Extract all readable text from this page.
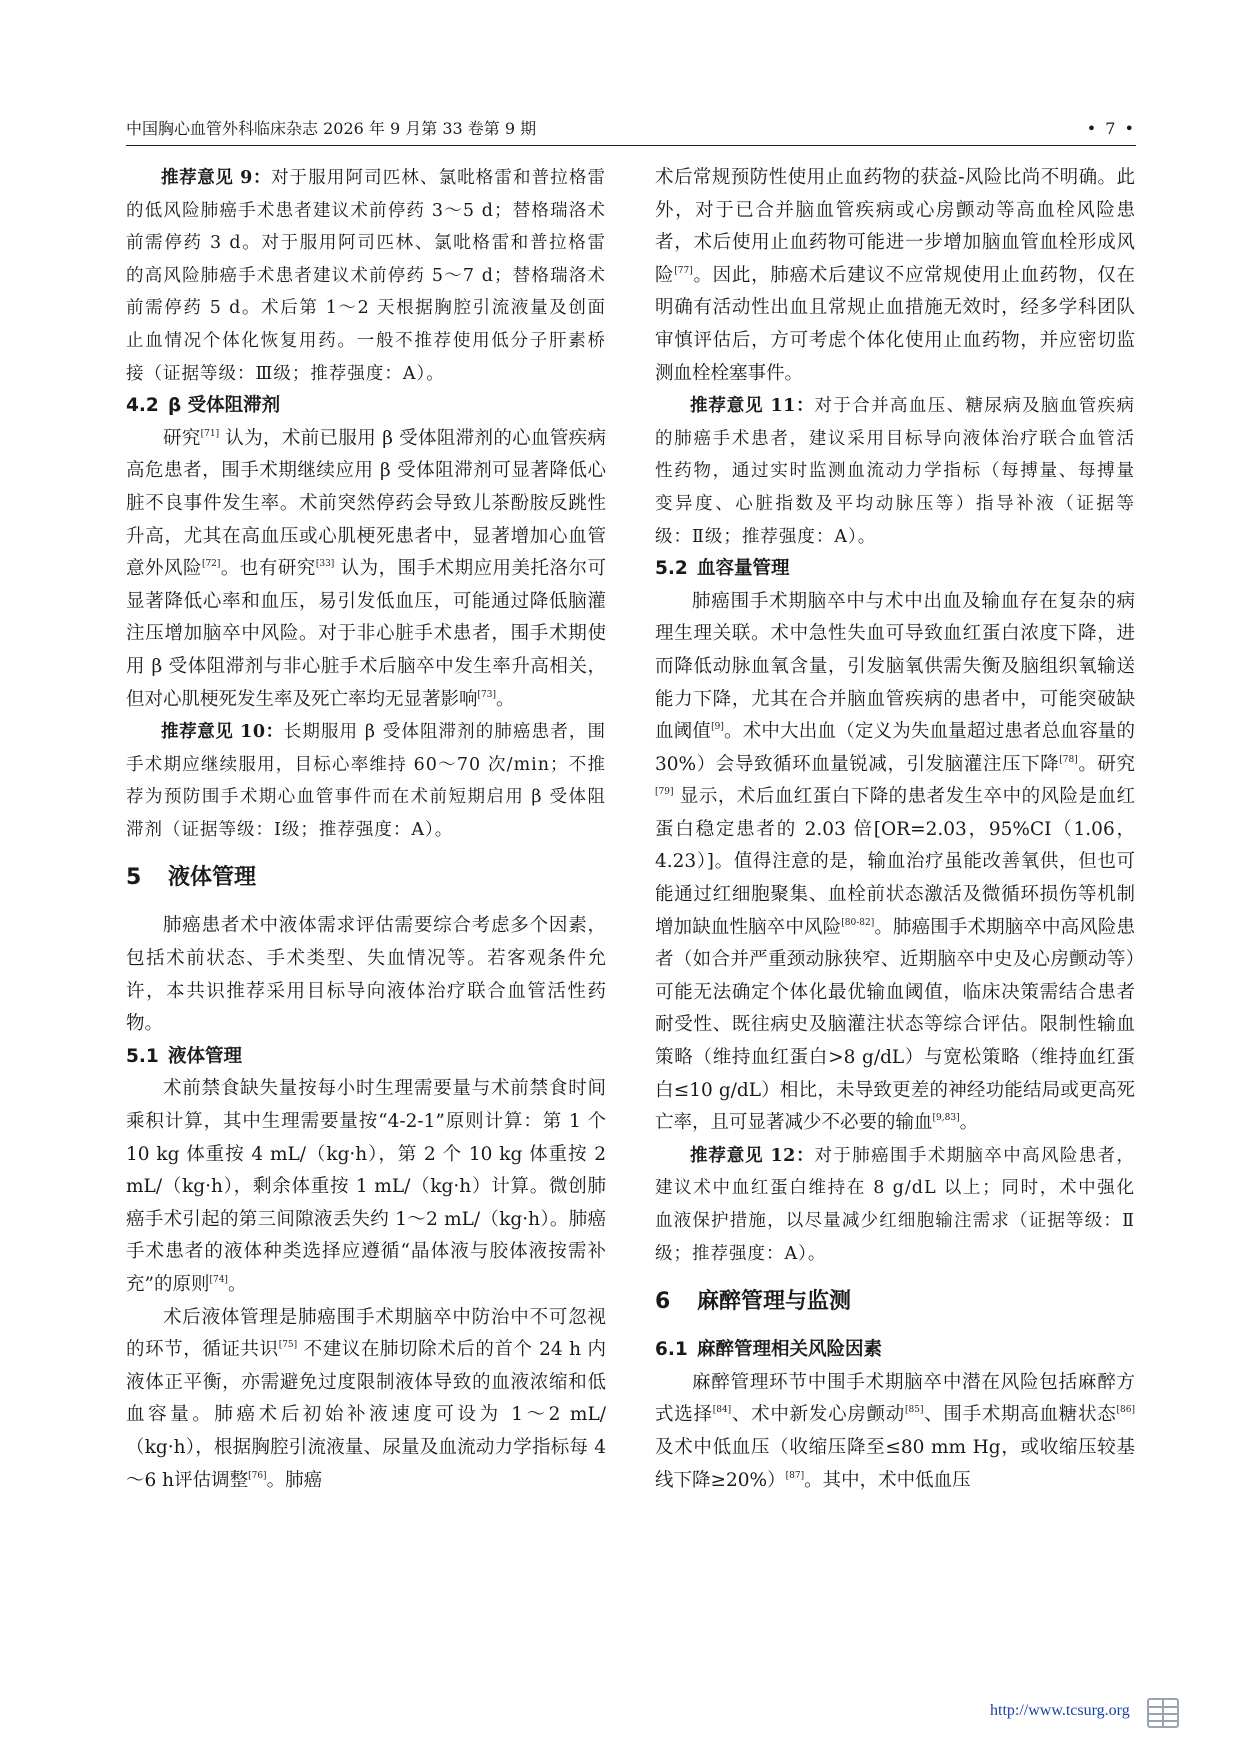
中国胸心血管外科临床杂志 2026 年 9 月第 33 卷第 9 期	• 7 •

推荐意见 9：对于服用阿司匹林、氯吡格雷和普拉格雷的低风险肺癌手术患者建议术前停药 3～5 d；替格瑞洛术前需停药 3 d。对于服用阿司匹林、氯吡格雷和普拉格雷的高风险肺癌手术患者建议术前停药 5～7 d；替格瑞洛术前需停药 5 d。术后第 1～2 天根据胸腔引流液量及创面止血情况个体化恢复用药。一般不推荐使用低分子肝素桥接（证据等级：Ⅲ级；推荐强度：A）。

4.2 β 受体阻滞剂

研究[71] 认为，术前已服用 β 受体阻滞剂的心血管疾病高危患者，围手术期继续应用 β 受体阻滞剂可显著降低心脏不良事件发生率。术前突然停药会导致儿茶酚胺反跳性升高，尤其在高血压或心肌梗死患者中，显著增加心血管意外风险[72]。也有研究[33] 认为，围手术期应用美托洛尔可显著降低心率和血压，易引发低血压，可能通过降低脑灌注压增加脑卒中风险。对于非心脏手术患者，围手术期使用 β 受体阻滞剂与非心脏手术后脑卒中发生率升高相关，但对心肌梗死发生率及死亡率均无显著影响[73]。

推荐意见 10：长期服用 β 受体阻滞剂的肺癌患者，围手术期应继续服用，目标心率维持 60～70 次/min；不推荐为预防围手术期心血管事件而在术前短期启用 β 受体阻滞剂（证据等级：Ⅰ级；推荐强度：A）。

5 液体管理

肺癌患者术中液体需求评估需要综合考虑多个因素，包括术前状态、手术类型、失血情况等。若客观条件允许，本共识推荐采用目标导向液体治疗联合血管活性药物。

5.1 液体管理

术前禁食缺失量按每小时生理需要量与术前禁食时间乘积计算，其中生理需要量按“4-2-1”原则计算：第 1 个 10 kg 体重按 4 mL/（kg·h），第 2 个 10 kg 体重按 2 mL/（kg·h），剩余体重按 1 mL/（kg·h）计算。微创肺癌手术引起的第三间隙液丢失约 1～2 mL/（kg·h）。肺癌手术患者的液体种类选择应遵循“晶体液与胶体液按需补充”的原则[74]。

术后液体管理是肺癌围手术期脑卒中防治中不可忽视的环节，循证共识[75] 不建议在肺切除术后的首个 24 h 内液体正平衡，亦需避免过度限制液体导致的血液浓缩和低血容量。肺癌术后初始补液速度可设为 1～2 mL/（kg·h），根据胸腔引流液量、尿量及血流动力学指标每 4～6 h评估调整[76]。肺癌

术后常规预防性使用止血药物的获益-风险比尚不明确。此外，对于已合并脑血管疾病或心房颤动等高血栓风险患者，术后使用止血药物可能进一步增加脑血管血栓形成风险[77]。因此，肺癌术后建议不应常规使用止血药物，仅在明确有活动性出血且常规止血措施无效时，经多学科团队审慎评估后，方可考虑个体化使用止血药物，并应密切监测血栓栓塞事件。

推荐意见 11：对于合并高血压、糖尿病及脑血管疾病的肺癌手术患者，建议采用目标导向液体治疗联合血管活性药物，通过实时监测血流动力学指标（每搏量、每搏量变异度、心脏指数及平均动脉压等）指导补液（证据等级：Ⅱ级；推荐强度：A）。

5.2 血容量管理

肺癌围手术期脑卒中与术中出血及输血存在复杂的病理生理关联。术中急性失血可导致血红蛋白浓度下降，进而降低动脉血氧含量，引发脑氧供需失衡及脑组织氧输送能力下降，尤其在合并脑血管疾病的患者中，可能突破缺血阈值[9]。术中大出血（定义为失血量超过患者总血容量的 30%）会导致循环血量锐减，引发脑灌注压下降[78]。研究[79] 显示，术后血红蛋白下降的患者发生卒中的风险是血红蛋白稳定患者的 2.03 倍[OR=2.03，95%CI（1.06，4.23）]。值得注意的是，输血治疗虽能改善氧供，但也可能通过红细胞聚集、血栓前状态激活及微循环损伤等机制增加缺血性脑卒中风险[80-82]。肺癌围手术期脑卒中高风险患者（如合并严重颈动脉狭窄、近期脑卒中史及心房颤动等）可能无法确定个体化最优输血阈值，临床决策需结合患者耐受性、既往病史及脑灌注状态等综合评估。限制性输血策略（维持血红蛋白>8 g/dL）与宽松策略（维持血红蛋白≤10 g/dL）相比，未导致更差的神经功能结局或更高死亡率，且可显著减少不必要的输血[9,83]。

推荐意见 12：对于肺癌围手术期脑卒中高风险患者，建议术中血红蛋白维持在 8 g/dL 以上；同时，术中强化血液保护措施，以尽量减少红细胞输注需求（证据等级：Ⅱ级；推荐强度：A）。

6 麻醉管理与监测
6.1 麻醉管理相关风险因素

麻醉管理环节中围手术期脑卒中潜在风险包括麻醉方式选择[84]、术中新发心房颤动[85]、围手术期高血糖状态[86] 及术中低血压（收缩压降至≤80 mm Hg，或收缩压较基线下降≥20%）[87]。其中，术中低血压

http://www.tcsurg.org
